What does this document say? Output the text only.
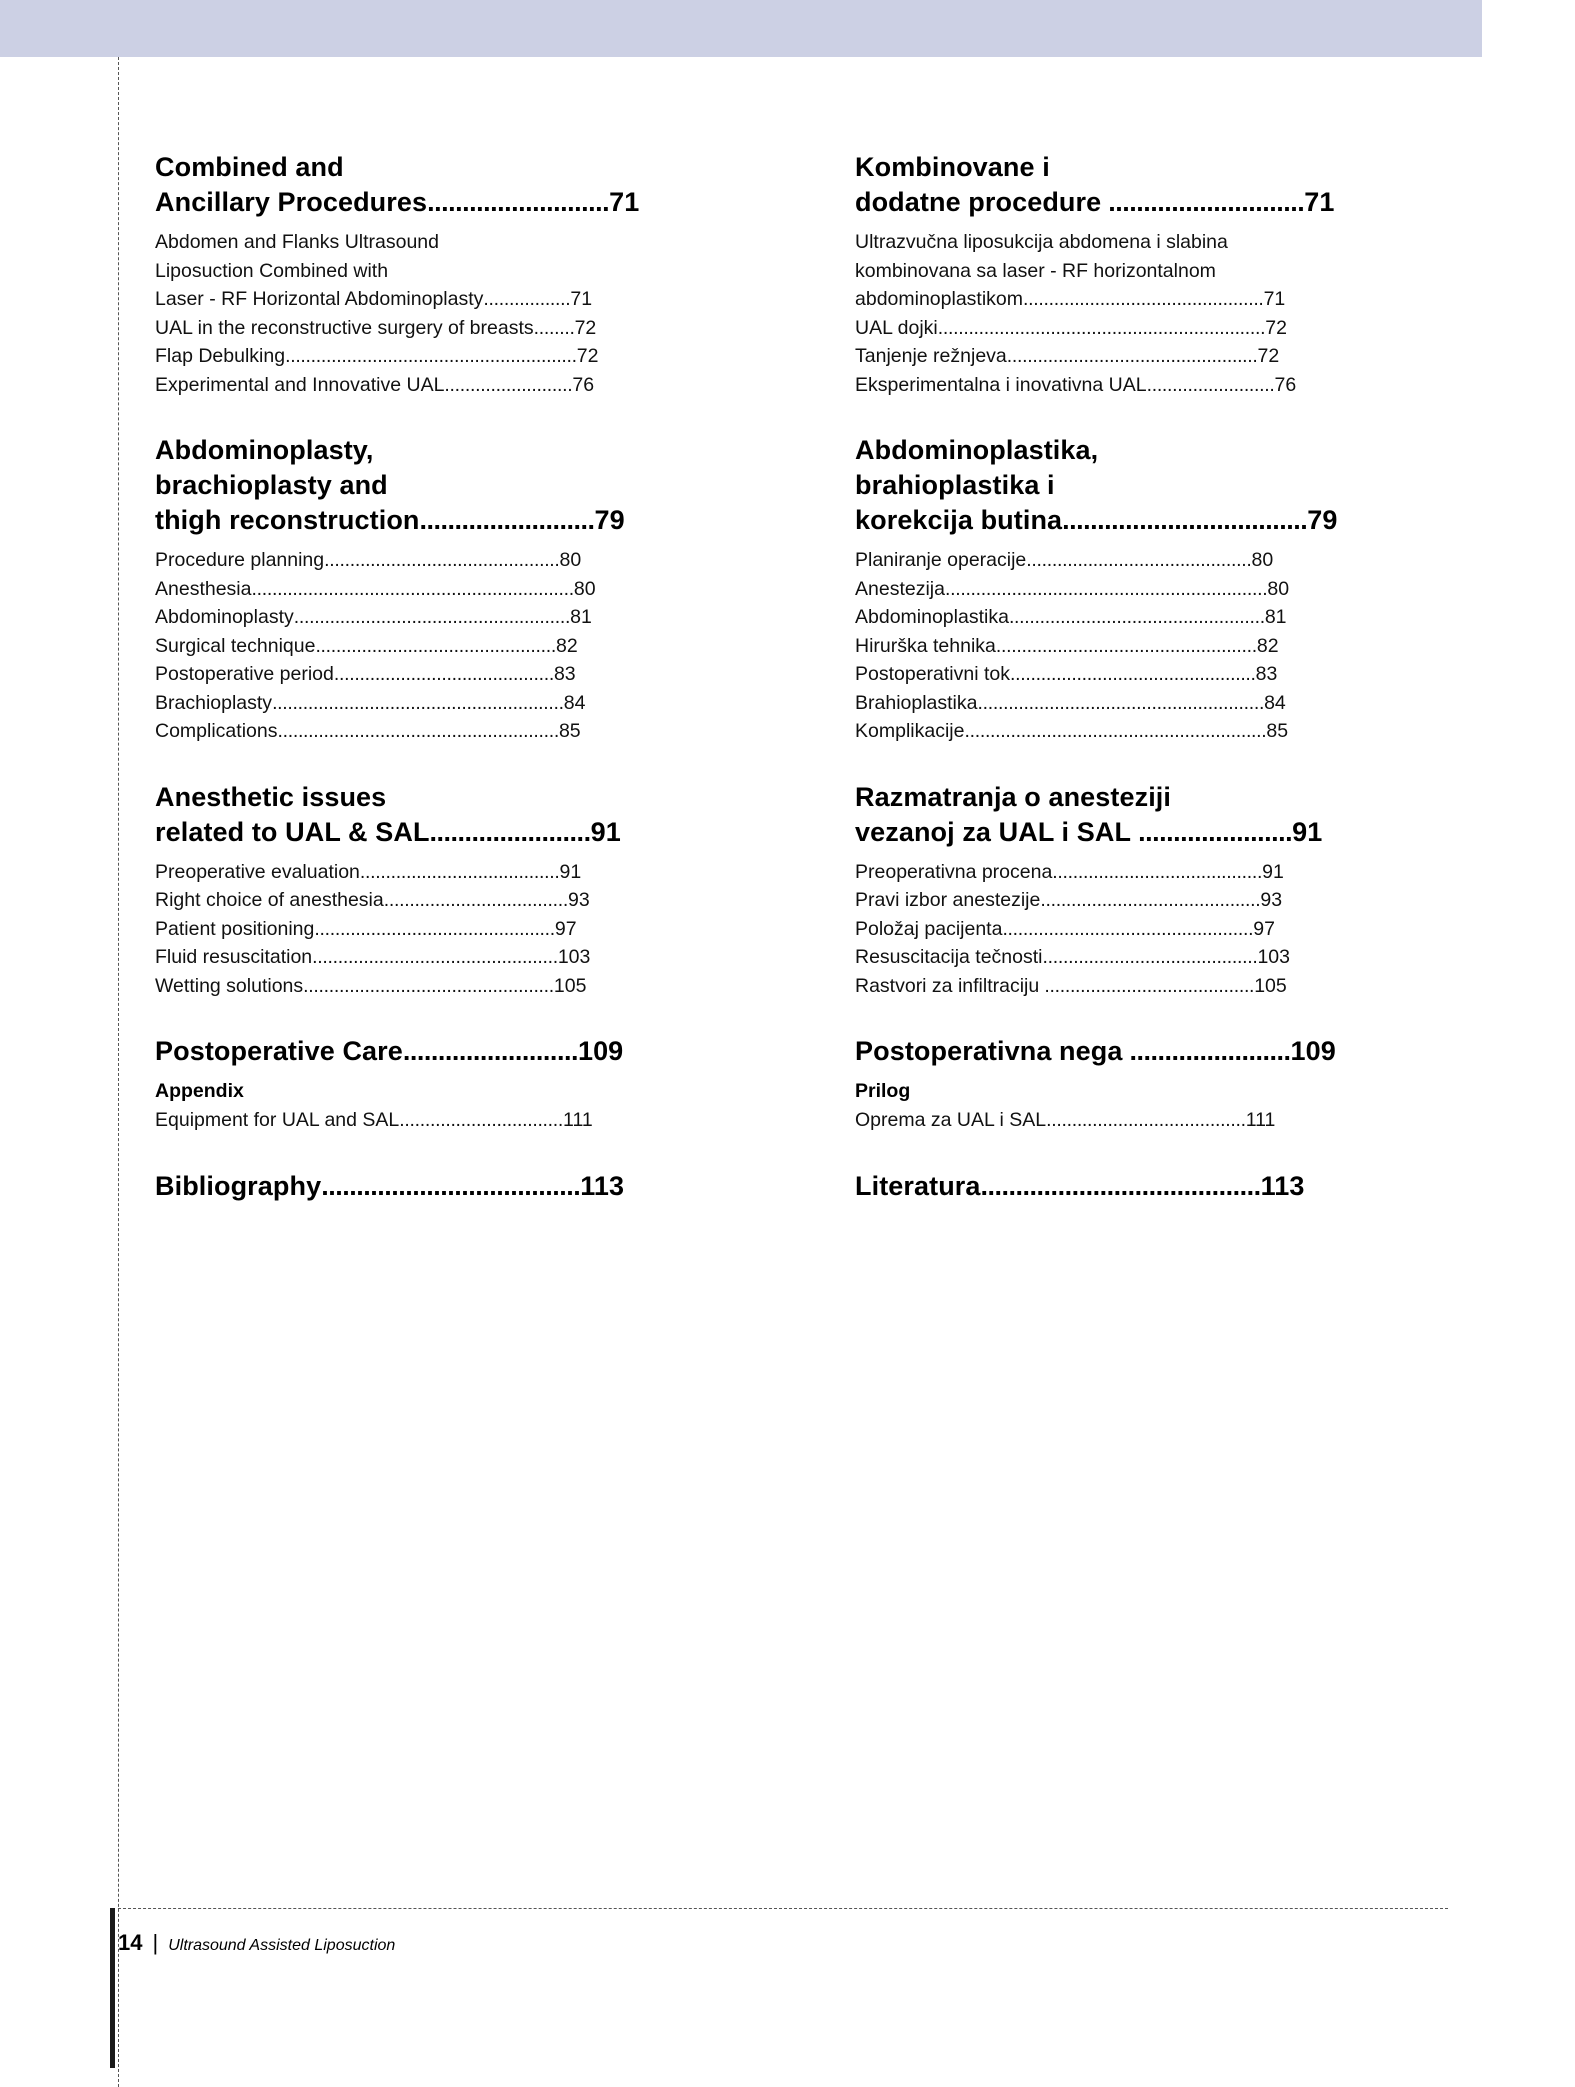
Combined and
Ancillary Procedures..........................71
Abdomen and Flanks Ultrasound
Liposuction Combined with
Laser - RF Horizontal Abdominoplasty.................71
UAL in the reconstructive surgery of breasts........72
Flap Debulking.........................................................72
Experimental and Innovative UAL.........................76
Abdominoplasty,
brachioplasty and
thigh reconstruction.........................79
Procedure planning..............................................80
Anesthesia...............................................................80
Abdominoplasty......................................................81
Surgical technique...............................................82
Postoperative period...........................................83
Brachioplasty.........................................................84
Complications.......................................................85
Anesthetic issues
related to UAL & SAL.......................91
Preoperative evaluation.......................................91
Right choice of anesthesia....................................93
Patient positioning...............................................97
Fluid resuscitation................................................103
Wetting solutions.................................................105
Postoperative Care.........................109
Appendix
Equipment for UAL and SAL................................111
Bibliography.....................................113
Kombinovane i
dodatne procedure ............................71
Ultrazvučna liposukcija abdomena i slabina
kombinovana sa laser - RF horizontalnom
abdominoplastikom...............................................71
UAL dojki................................................................72
Tanjenje režnjeva.................................................72
Eksperimentalna i inovativna UAL.........................76
Abdominoplastika,
brahioplastika i
korekcija butina...................................79
Planiranje operacije............................................80
Anestezija...............................................................80
Abdominoplastika..................................................81
Hirurška tehnika...................................................82
Postoperativni tok................................................83
Brahioplastika........................................................84
Komplikacije...........................................................85
Razmatranja o anesteziji
vezanoj za UAL i SAL ......................91
Preoperativna procena.........................................91
Pravi izbor anestezije...........................................93
Položaj pacijenta.................................................97
Resuscitacija tečnosti..........................................103
Rastvori za infiltraciju .........................................105
Postoperativna nega .......................109
Prilog
Oprema za UAL i SAL.......................................111
Literatura........................................113
14 | Ultrasound Assisted Liposuction
